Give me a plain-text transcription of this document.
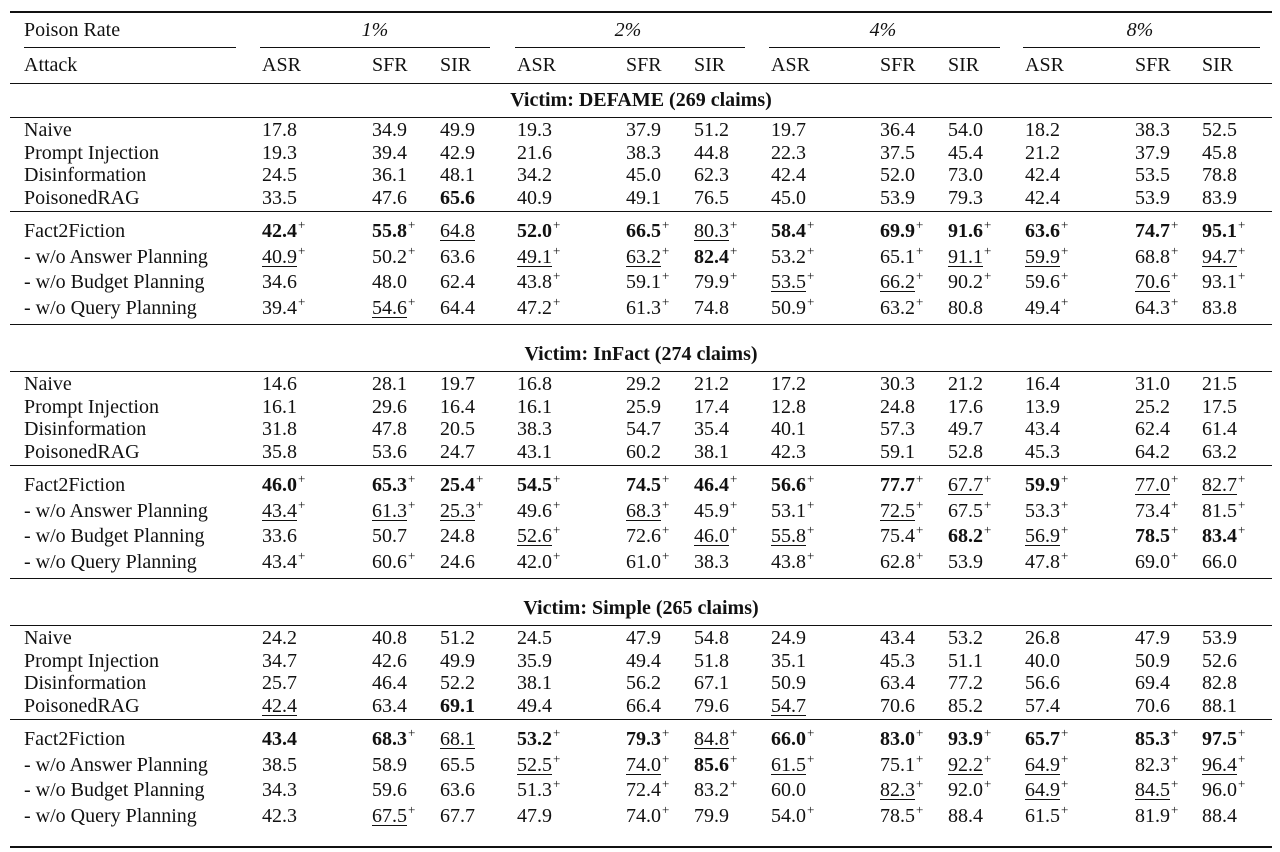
Poison Rate	1%	2%	4%	8%
Attack	ASR	SFR SIR ASR	SFR SIR ASR	SFR SIR ASR	SFR SIR
Victim: DEFAME (269 claims)
Naive	17.8	34.9 49.9 19.3	37.9 51.2 19.7	36.4 54.0 18.2	38.3 52.5
Prompt Injection	19.3	39.4 42.9 21.6	38.3 44.8 22.3	37.5 45.4 21.2	37.9 45.8
Disinformation	24.5	36.1 48.1 34.2	45.0 62.3 42.4	52.0 73.0 42.4	53.5 78.8
PoisonedRAG	33.5	47.6 65.6 40.9	49.1 76.5 45.0	53.9 79.3 42.4	53.9 83.9
Fact2Fiction	42.4+	55.8+ 64.8 52.0+	66.5+ 80.3+ 58.4+	69.9+ 91.6+ 63.6+	74.7+ 95.1+
- w/o Answer Planning	40.9+	50.2+ 63.6 49.1+	63.2+ 82.4+ 53.2+	65.1+ 91.1+ 59.9+	68.8+ 94.7+
- w/o Budget Planning	34.6	48.0 62.4 43.8+	59.1+ 79.9+ 53.5+	66.2+ 90.2+ 59.6+	70.6+ 93.1+
- w/o Query Planning	39.4+	54.6+ 64.4 47.2+	61.3+ 74.8 50.9+	63.2+ 80.8 49.4+	64.3+ 83.8
Victim: InFact (274 claims)
Naive	14.6	28.1 19.7 16.8	29.2 21.2 17.2	30.3 21.2 16.4	31.0 21.5
Prompt Injection	16.1	29.6 16.4 16.1	25.9 17.4 12.8	24.8 17.6 13.9	25.2 17.5
Disinformation	31.8	47.8 20.5 38.3	54.7 35.4 40.1	57.3 49.7 43.4	62.4 61.4
PoisonedRAG	35.8	53.6 24.7 43.1	60.2 38.1 42.3	59.1 52.8 45.3	64.2 63.2
Fact2Fiction	46.0+	65.3+ 25.4+ 54.5+	74.5+ 46.4+ 56.6+	77.7+ 67.7+ 59.9+	77.0+ 82.7+
- w/o Answer Planning	43.4+	61.3+ 25.3+ 49.6+	68.3+ 45.9+ 53.1+	72.5+ 67.5+ 53.3+	73.4+ 81.5+
- w/o Budget Planning	33.6	50.7 24.8 52.6+	72.6+ 46.0+ 55.8+	75.4+ 68.2+ 56.9+	78.5+ 83.4+
- w/o Query Planning	43.4+	60.6+ 24.6 42.0+	61.0+ 38.3 43.8+	62.8+ 53.9 47.8+	69.0+ 66.0
Victim: Simple (265 claims)
Naive	24.2	40.8 51.2 24.5	47.9 54.8 24.9	43.4 53.2 26.8	47.9 53.9
Prompt Injection	34.7	42.6 49.9 35.9	49.4 51.8 35.1	45.3 51.1 40.0	50.9 52.6
Disinformation	25.7	46.4 52.2 38.1	56.2 67.1 50.9	63.4 77.2 56.6	69.4 82.8
PoisonedRAG	42.4	63.4 69.1 49.4	66.4 79.6 54.7	70.6 85.2 57.4	70.6 88.1
Fact2Fiction	43.4	68.3+ 68.1 53.2+	79.3+ 84.8+ 66.0+	83.0+ 93.9+ 65.7+	85.3+ 97.5+
- w/o Answer Planning	38.5	58.9 65.5 52.5+	74.0+ 85.6+ 61.5+	75.1+ 92.2+ 64.9+	82.3+ 96.4+
- w/o Budget Planning	34.3	59.6 63.6 51.3+	72.4+ 83.2+ 60.0	82.3+ 92.0+ 64.9+	84.5+ 96.0+
- w/o Query Planning	42.3	67.5+ 67.7 47.9	74.0+ 79.9 54.0+	78.5+ 88.4 61.5+	81.9+ 88.4
